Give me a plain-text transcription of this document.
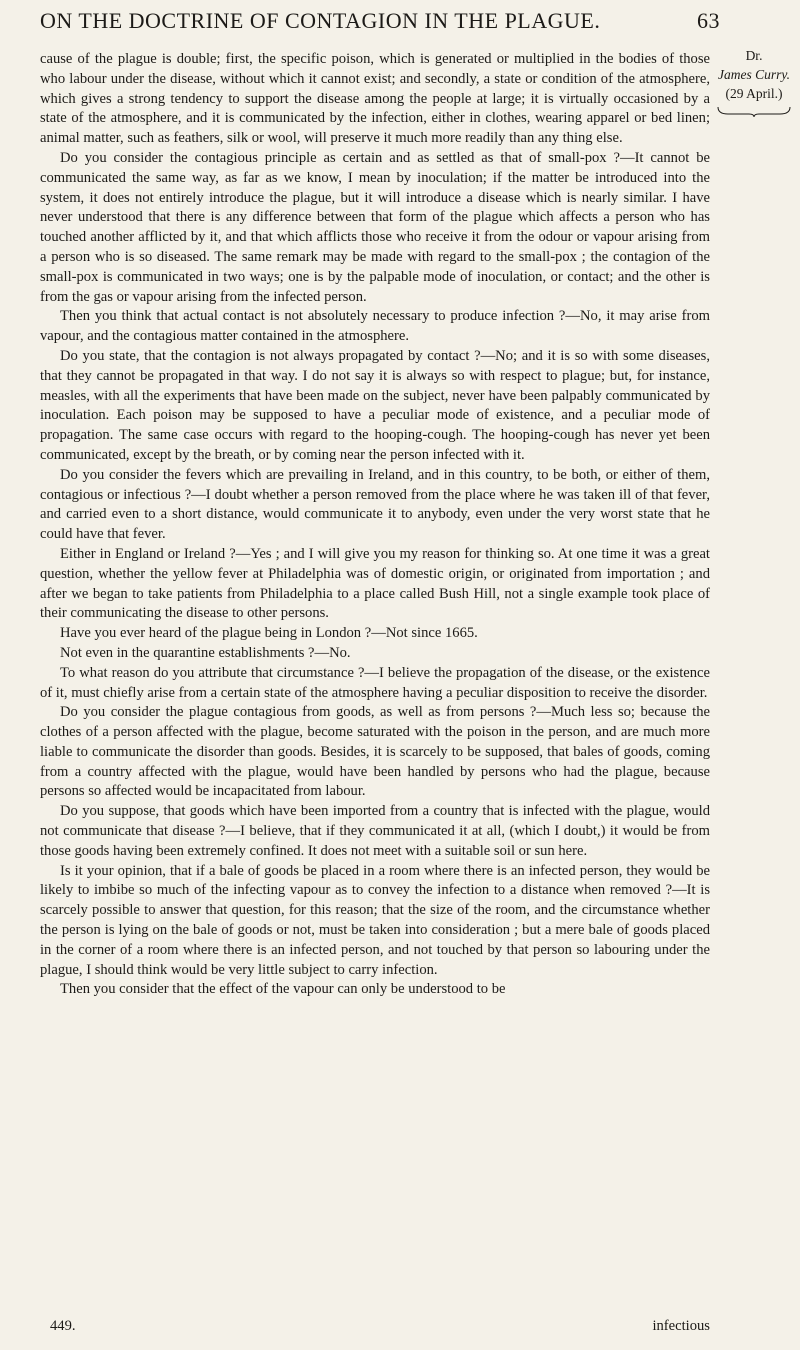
ON THE DOCTRINE OF CONTAGION IN THE PLAGUE.	63
Dr.
James Curry.
(29 April.)

cause of the plague is double; first, the specific poison, which is generated or multiplied in the bodies of those who labour under the disease, without which it cannot exist; and secondly, a state or condition of the atmosphere, which gives a strong tendency to support the disease among the people at large; it is virtually occasioned by a state of the atmosphere, and it is communicated by the infection, either in clothes, wearing apparel or bed linen; animal matter, such as feathers, silk or wool, will preserve it much more readily than any thing else.

Do you consider the contagious principle as certain and as settled as that of small-pox ?—It cannot be communicated the same way, as far as we know, I mean by inoculation; if the matter be introduced into the system, it does not entirely introduce the plague, but it will introduce a disease which is nearly similar. I have never understood that there is any difference between that form of the plague which affects a person who has touched another afflicted by it, and that which afflicts those who receive it from the odour or vapour arising from a person who is so diseased. The same remark may be made with regard to the small-pox ; the contagion of the small-pox is communicated in two ways; one is by the palpable mode of inoculation, or contact; and the other is from the gas or vapour arising from the infected person.

Then you think that actual contact is not absolutely necessary to produce infection ?—No, it may arise from vapour, and the contagious matter contained in the atmosphere.

Do you state, that the contagion is not always propagated by contact ?—No; and it is so with some diseases, that they cannot be propagated in that way. I do not say it is always so with respect to plague; but, for instance, measles, with all the experiments that have been made on the subject, never have been palpably communicated by inoculation. Each poison may be supposed to have a peculiar mode of existence, and a peculiar mode of propagation. The same case occurs with regard to the hooping-cough. The hooping-cough has never yet been communicated, except by the breath, or by coming near the person infected with it.

Do you consider the fevers which are prevailing in Ireland, and in this country, to be both, or either of them, contagious or infectious ?—I doubt whether a person removed from the place where he was taken ill of that fever, and carried even to a short distance, would communicate it to anybody, even under the very worst state that he could have that fever.

Either in England or Ireland ?—Yes ; and I will give you my reason for thinking so. At one time it was a great question, whether the yellow fever at Philadelphia was of domestic origin, or originated from importation ; and after we began to take patients from Philadelphia to a place called Bush Hill, not a single example took place of their communicating the disease to other persons.

Have you ever heard of the plague being in London ?—Not since 1665.

Not even in the quarantine establishments ?—No.

To what reason do you attribute that circumstance ?—I believe the propagation of the disease, or the existence of it, must chiefly arise from a certain state of the atmosphere having a peculiar disposition to receive the disorder.

Do you consider the plague contagious from goods, as well as from persons ?—Much less so; because the clothes of a person affected with the plague, become saturated with the poison in the person, and are much more liable to communicate the disorder than goods. Besides, it is scarcely to be supposed, that bales of goods, coming from a country affected with the plague, would have been handled by persons who had the plague, because persons so affected would be incapacitated from labour.

Do you suppose, that goods which have been imported from a country that is infected with the plague, would not communicate that disease ?—I believe, that if they communicated it at all, (which I doubt,) it would be from those goods having been extremely confined. It does not meet with a suitable soil or sun here.

Is it your opinion, that if a bale of goods be placed in a room where there is an infected person, they would be likely to imbibe so much of the infecting vapour as to convey the infection to a distance when removed ?—It is scarcely possible to answer that question, for this reason; that the size of the room, and the circumstance whether the person is lying on the bale of goods or not, must be taken into consideration ; but a mere bale of goods placed in the corner of a room where there is an infected person, and not touched by that person so labouring under the plague, I should think would be very little subject to carry infection.

Then you consider that the effect of the vapour can only be understood to be

449.	infectious
